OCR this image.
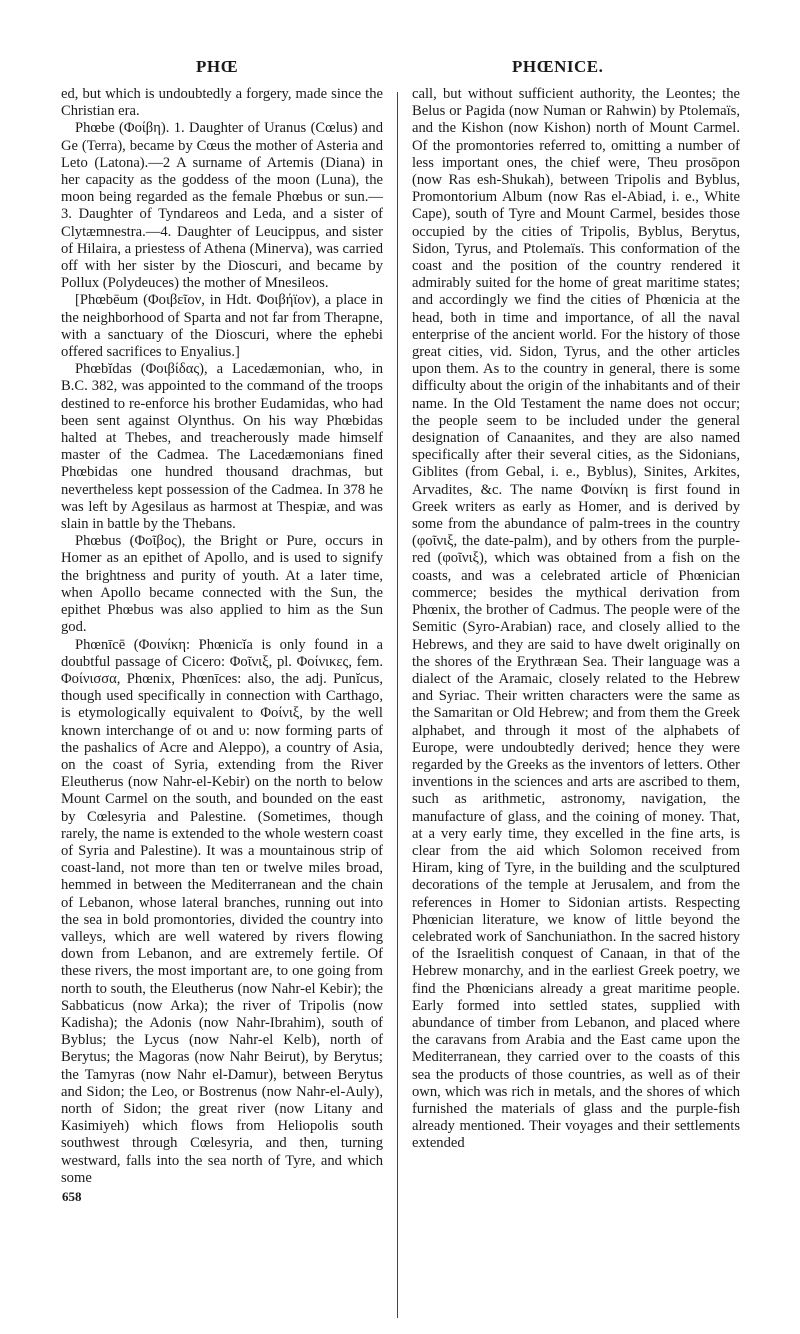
PHŒ	PHŒNICE.

ed, but which is undoubtedly a forgery, made since the Christian era.

Phœbe (Φοίβη). 1. Daughter of Uranus (Cœlus) and Ge (Terra), became by Cœus the mother of Asteria and Leto (Latona).—2 A surname of Artemis (Diana) in her capacity as the goddess of the moon (Luna), the moon being regarded as the female Phœbus or sun.—3. Daughter of Tyndareos and Leda, and a sister of Clytæmnestra.—4. Daughter of Leucippus, and sister of Hilaira, a priestess of Athena (Minerva), was carried off with her sister by the Dioscuri, and became by Pollux (Polydeuces) the mother of Mnesileos.

[Phœbēum (Φοιβεῖον, in Hdt. Φοιβήϊον), a place in the neighborhood of Sparta and not far from Therapne, with a sanctuary of the Dioscuri, where the ephebi offered sacrifices to Enyalius.]

Phœbĭdas (Φοιβίδας), a Lacedæmonian, who, in B.C. 382, was appointed to the command of the troops destined to re-enforce his brother Eudamidas, who had been sent against Olynthus. On his way Phœbidas halted at Thebes, and treacherously made himself master of the Cadmea. The Lacedæmonians fined Phœbidas one hundred thousand drachmas, but nevertheless kept possession of the Cadmea. In 378 he was left by Agesilaus as harmost at Thespiæ, and was slain in battle by the Thebans.

Phœbus (Φοῖβος), the Bright or Pure, occurs in Homer as an epithet of Apollo, and is used to signify the brightness and purity of youth. At a later time, when Apollo became connected with the Sun, the epithet Phœbus was also applied to him as the Sun god.

Phœnīcē (Φοινίκη: Phœnicĭa is only found in a doubtful passage of Cicero: Φοῖνιξ, pl. Φοίνικες, fem. Φοίνισσα, Phœnix, Phœnīces: also, the adj. Punĭcus, though used specifically in connection with Carthago, is etymologically equivalent to Φοίνιξ, by the well known interchange of οι and υ: now forming parts of the pashalics of Acre and Aleppo), a country of Asia, on the coast of Syria, extending from the River Eleutherus (now Nahr-el-Kebir) on the north to below Mount Carmel on the south, and bounded on the east by Cœlesyria and Palestine. (Sometimes, though rarely, the name is extended to the whole western coast of Syria and Palestine). It was a mountainous strip of coast-land, not more than ten or twelve miles broad, hemmed in between the Mediterranean and the chain of Lebanon, whose lateral branches, running out into the sea in bold promontories, divided the country into valleys, which are well watered by rivers flowing down from Lebanon, and are extremely fertile. Of these rivers, the most important are, to one going from north to south, the Eleutherus (now Nahr-el Kebir); the Sabbaticus (now Arka); the river of Tripolis (now Kadisha); the Adonis (now Nahr-Ibrahim), south of Byblus; the Lycus (now Nahr-el Kelb), north of Berytus; the Magoras (now Nahr Beirut), by Berytus; the Tamyras (now Nahr el-Damur), between Berytus and Sidon; the Leo, or Bostrenus (now Nahr-el-Auly), north of Sidon; the great river (now Litany and Kasimiyeh) which flows from Heliopolis south southwest through Cœlesyria, and then, turning westward, falls into the sea north of Tyre, and which some

call, but without sufficient authority, the Leontes; the Belus or Pagida (now Numan or Rahwin) by Ptolemaïs, and the Kishon (now Kishon) north of Mount Carmel. Of the promontories referred to, omitting a number of less important ones, the chief were, Theu prosōpon (now Ras esh-Shukah), between Tripolis and Byblus, Promontorium Album (now Ras el-Abiad, i. e., White Cape), south of Tyre and Mount Carmel, besides those occupied by the cities of Tripolis, Byblus, Berytus, Sidon, Tyrus, and Ptolemaïs. This conformation of the coast and the position of the country rendered it admirably suited for the home of great maritime states; and accordingly we find the cities of Phœnicia at the head, both in time and importance, of all the naval enterprise of the ancient world. For the history of those great cities, vid. Sidon, Tyrus, and the other articles upon them. As to the country in general, there is some difficulty about the origin of the inhabitants and of their name. In the Old Testament the name does not occur; the people seem to be included under the general designation of Canaanites, and they are also named specifically after their several cities, as the Sidonians, Giblites (from Gebal, i. e., Byblus), Sinites, Arkites, Arvadites, &c. The name Φοινίκη is first found in Greek writers as early as Homer, and is derived by some from the abundance of palm-trees in the country (φοῖνιξ, the date-palm), and by others from the purple-red (φοῖνιξ), which was obtained from a fish on the coasts, and was a celebrated article of Phœnician commerce; besides the mythical derivation from Phœnix, the brother of Cadmus. The people were of the Semitic (Syro-Arabian) race, and closely allied to the Hebrews, and they are said to have dwelt originally on the shores of the Erythræan Sea. Their language was a dialect of the Aramaic, closely related to the Hebrew and Syriac. Their written characters were the same as the Samaritan or Old Hebrew; and from them the Greek alphabet, and through it most of the alphabets of Europe, were undoubtedly derived; hence they were regarded by the Greeks as the inventors of letters. Other inventions in the sciences and arts are ascribed to them, such as arithmetic, astronomy, navigation, the manufacture of glass, and the coining of money. That, at a very early time, they excelled in the fine arts, is clear from the aid which Solomon received from Hiram, king of Tyre, in the building and the sculptured decorations of the temple at Jerusalem, and from the references in Homer to Sidonian artists. Respecting Phœnician literature, we know of little beyond the celebrated work of Sanchuniathon. In the sacred history of the Israelitish conquest of Canaan, in that of the Hebrew monarchy, and in the earliest Greek poetry, we find the Phœnicians already a great maritime people. Early formed into settled states, supplied with abundance of timber from Lebanon, and placed where the caravans from Arabia and the East came upon the Mediterranean, they carried over to the coasts of this sea the products of those countries, as well as of their own, which was rich in metals, and the shores of which furnished the materials of glass and the purple-fish already mentioned. Their voyages and their settlements extended

658
